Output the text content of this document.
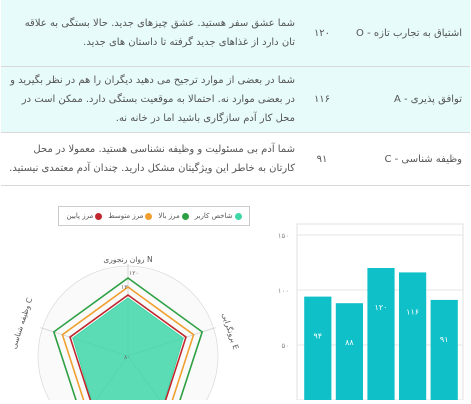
شما عشق سفر هستید. عشق چیزهای جدید. حالا بستگی به علاقه تان دارد از غذاهای جدید گرفته تا داستان های جدید.	۱۲۰	اشتیاق به تجارب تازه - O
شما در بعضی از موارد ترجیح می دهید دیگران را هم در نظر بگیرید و در بعضی موارد نه. احتمالا به موقعیت بستگی دارد. ممکن است در محل کار آدم سازگاری باشید اما در خانه نه.	۱۱۶	توافق پذیری - A
شما آدم بی مسئولیت و وظیفه نشناسی هستید. معمولا در محل کارتان به خاطر این ویژگیتان مشکل دارید. چندان آدم معتمدی نیستید.	۹۱	وظیفه شناسی - C
روان رنجوری N
برونگرایی E
وظیفه شناسی C
۱۲۰
۱۳۰
۸۰
شاخص کاربر
مرز بالا
مرز متوسط
مرز پایین
۱۵۰
۱۰۰
۵۰
۹۴
۸۸
۱۲۰ ۱۱۶
۹۱
